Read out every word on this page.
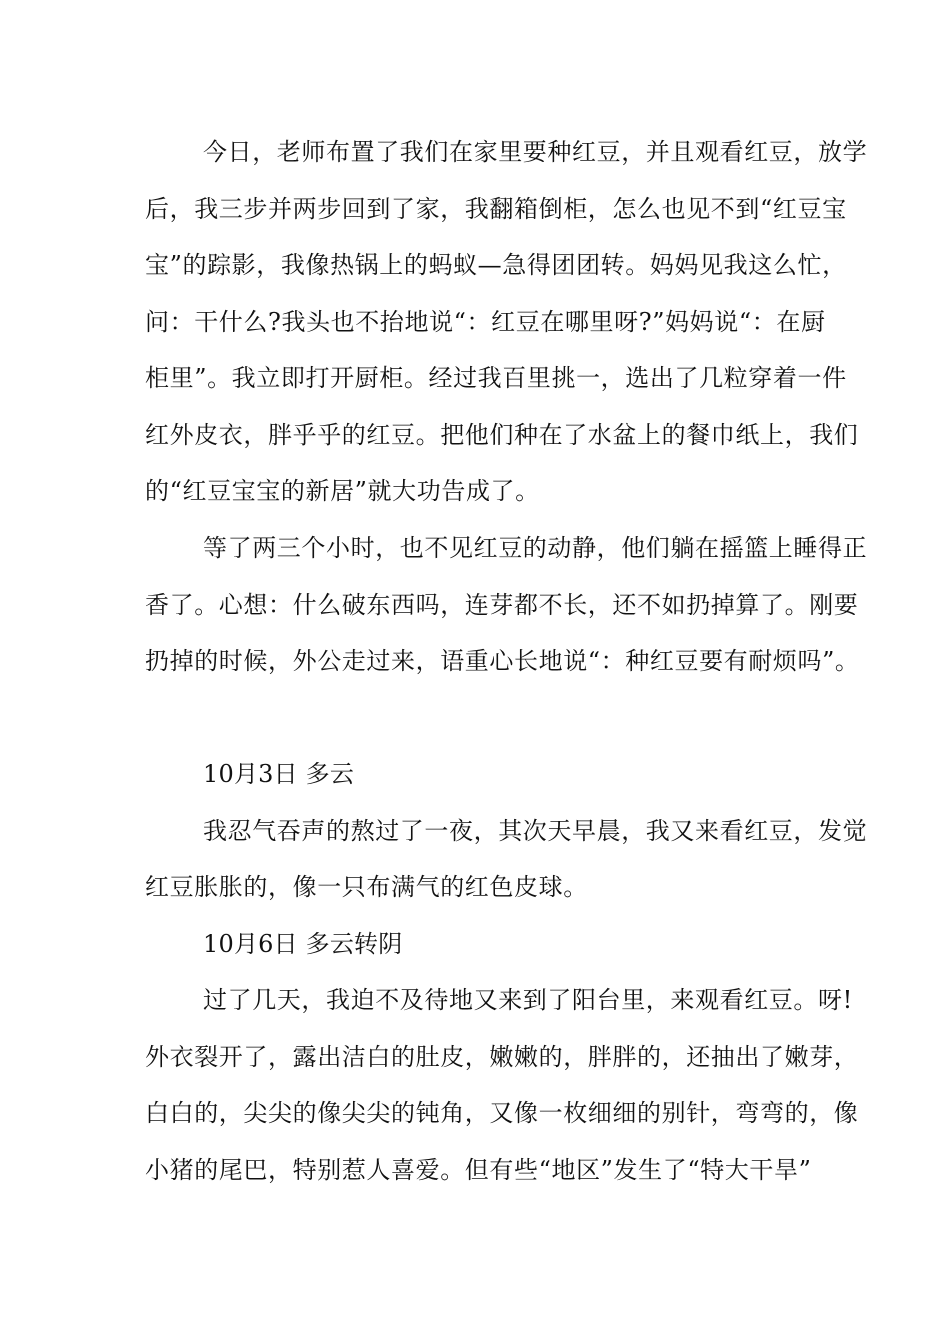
今日，老师布置了我们在家里要种红豆，并且观看红豆，放学

后，我三步并两步回到了家，我翻箱倒柜，怎么也见不到“红豆宝

宝”的踪影，我像热锅上的蚂蚁—急得团团转。妈妈见我这么忙，

问：干什么?我头也不抬地说“：红豆在哪里呀?”妈妈说“：在厨

柜里”。我立即打开厨柜。经过我百里挑一，选出了几粒穿着一件

红外皮衣，胖乎乎的红豆。把他们种在了水盆上的餐巾纸上，我们

的“红豆宝宝的新居”就大功告成了。

等了两三个小时，也不见红豆的动静，他们躺在摇篮上睡得正

香了。心想：什么破东西吗，连芽都不长，还不如扔掉算了。刚要

扔掉的时候，外公走过来，语重心长地说“：种红豆要有耐烦吗”。

10月3日 多云

我忍气吞声的熬过了一夜，其次天早晨，我又来看红豆，发觉

红豆胀胀的，像一只布满气的红色皮球。

10月6日 多云转阴

过了几天，我迫不及待地又来到了阳台里，来观看红豆。呀!

外衣裂开了，露出洁白的肚皮，嫩嫩的，胖胖的，还抽出了嫩芽，

白白的，尖尖的像尖尖的钝角，又像一枚细细的别针，弯弯的，像

小猪的尾巴，特别惹人喜爱。但有些“地区”发生了“特大干旱”
